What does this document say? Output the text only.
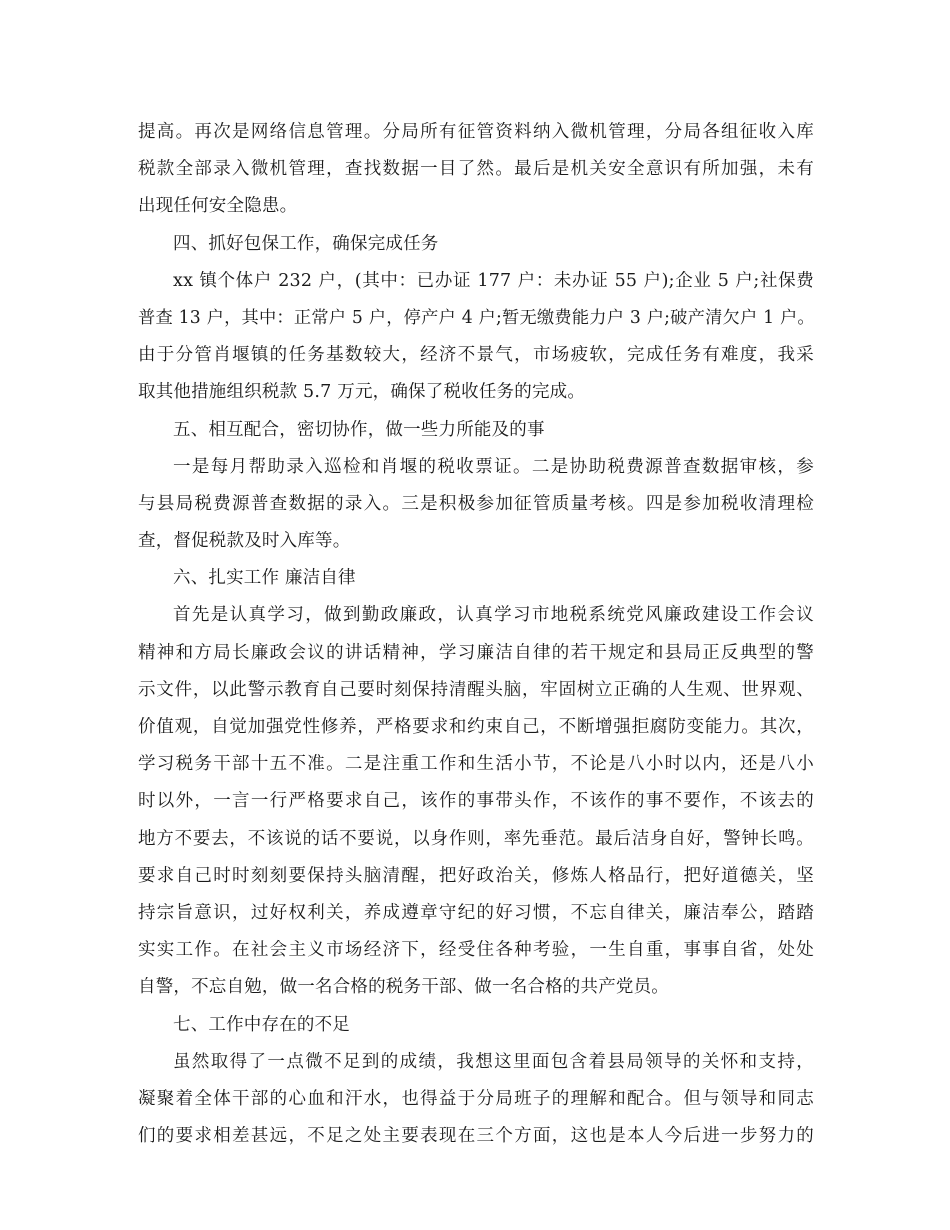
提高。再次是网络信息管理。分局所有征管资料纳入微机管理，分局各组征收入库
税款全部录入微机管理，查找数据一目了然。最后是机关安全意识有所加强，未有
出现任何安全隐患。
四、抓好包保工作，确保完成任务
xx 镇个体户 232 户，(其中：已办证 177 户：未办证 55 户);企业 5 户;社保费
普查 13 户，其中：正常户 5 户，停产户 4 户;暂无缴费能力户 3 户;破产清欠户 1 户。
由于分管肖堰镇的任务基数较大，经济不景气，市场疲软，完成任务有难度，我采
取其他措施组织税款 5.7 万元，确保了税收任务的完成。
五、相互配合，密切协作，做一些力所能及的事
一是每月帮助录入巡检和肖堰的税收票证。二是协助税费源普查数据审核，参
与县局税费源普查数据的录入。三是积极参加征管质量考核。四是参加税收清理检
查，督促税款及时入库等。
六、扎实工作 廉洁自律
首先是认真学习，做到勤政廉政，认真学习市地税系统党风廉政建设工作会议
精神和方局长廉政会议的讲话精神，学习廉洁自律的若干规定和县局正反典型的警
示文件，以此警示教育自己要时刻保持清醒头脑，牢固树立正确的人生观、世界观、
价值观，自觉加强党性修养，严格要求和约束自己，不断增强拒腐防变能力。其次，
学习税务干部十五不准。二是注重工作和生活小节，不论是八小时以内，还是八小
时以外，一言一行严格要求自己，该作的事带头作，不该作的事不要作，不该去的
地方不要去，不该说的话不要说，以身作则，率先垂范。最后洁身自好，警钟长鸣。
要求自己时时刻刻要保持头脑清醒，把好政治关，修炼人格品行，把好道德关，坚
持宗旨意识，过好权利关，养成遵章守纪的好习惯，不忘自律关，廉洁奉公，踏踏
实实工作。在社会主义市场经济下，经受住各种考验，一生自重，事事自省，处处
自警，不忘自勉，做一名合格的税务干部、做一名合格的共产党员。
七、工作中存在的不足
虽然取得了一点微不足到的成绩，我想这里面包含着县局领导的关怀和支持，
凝聚着全体干部的心血和汗水，也得益于分局班子的理解和配合。但与领导和同志
们的要求相差甚远，不足之处主要表现在三个方面，这也是本人今后进一步努力的
